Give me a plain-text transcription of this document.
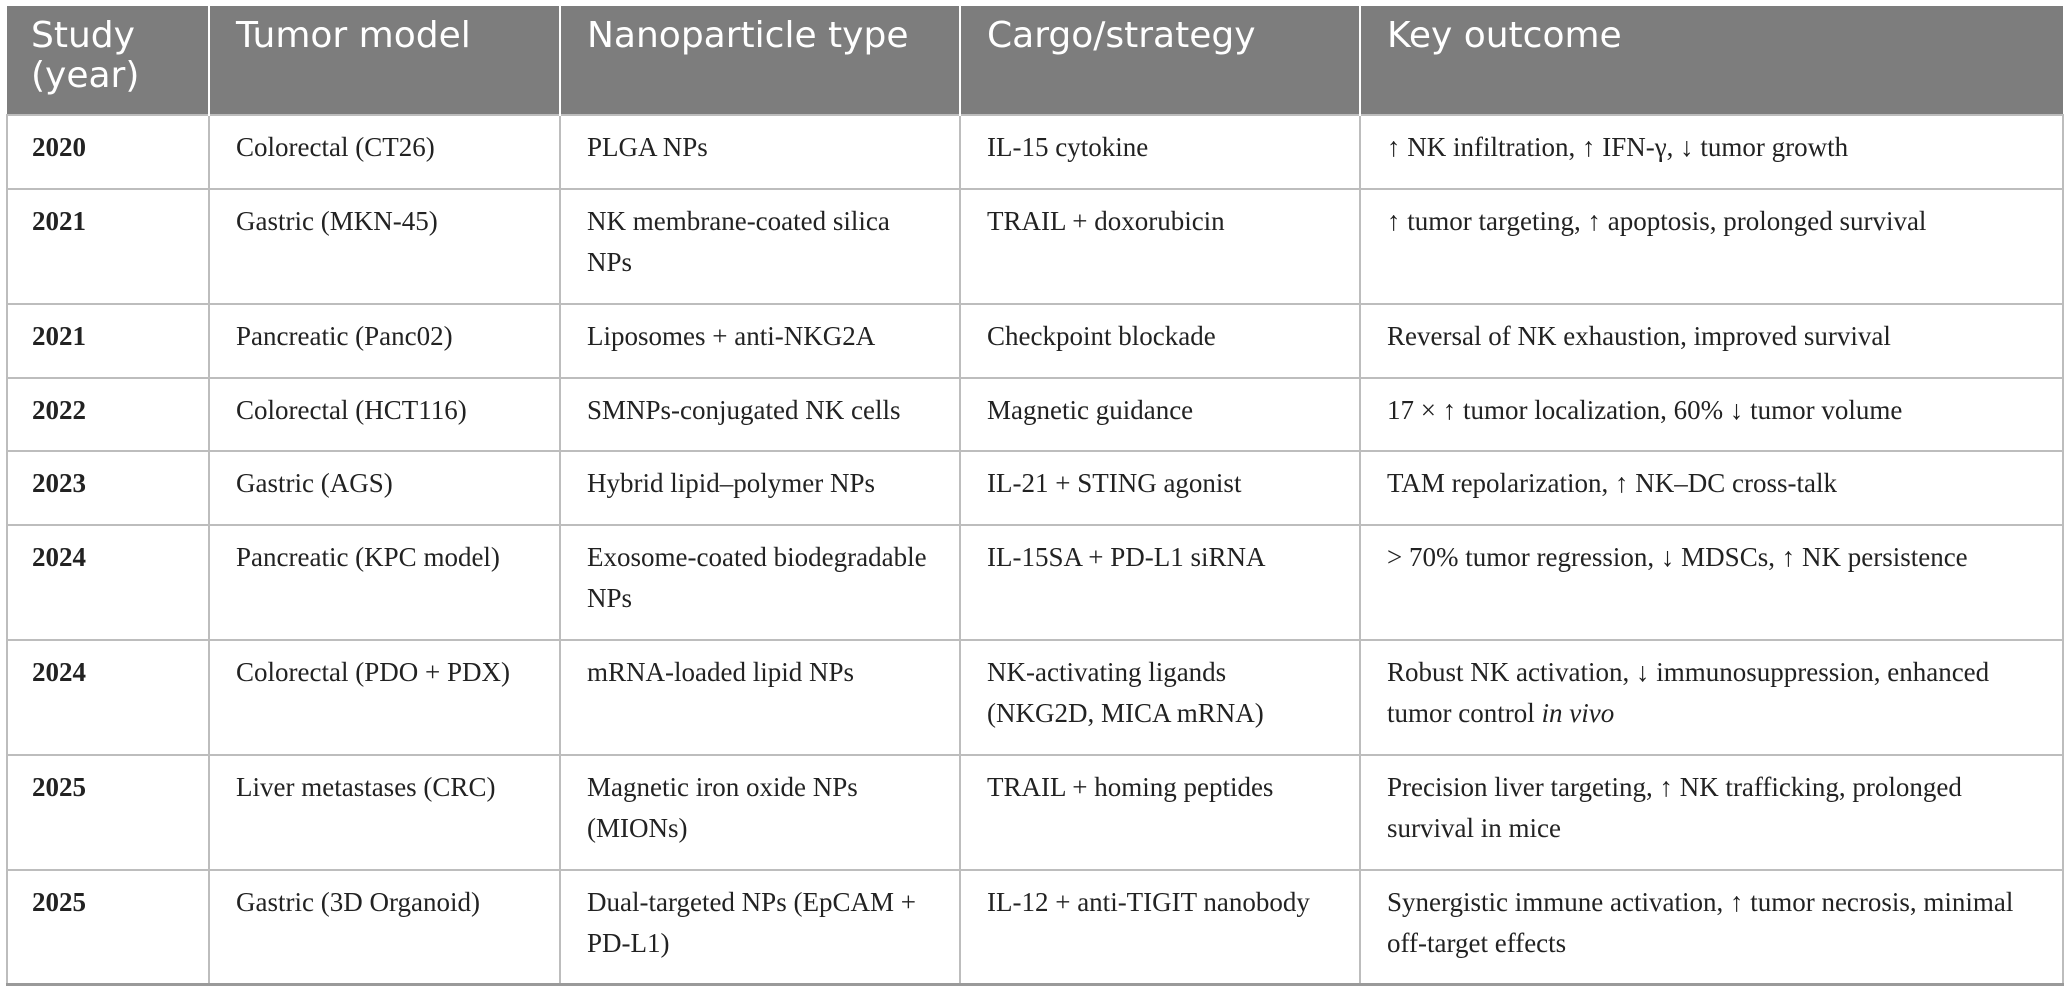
Study (year)	Tumor model	Nanoparticle type	Cargo/strategy	Key outcome
2020	Colorectal (CT26)	PLGA NPs	IL-15 cytokine	↑ NK infiltration, ↑ IFN-γ, ↓ tumor growth
2021	Gastric (MKN-45)	NK membrane-coated silica NPs	TRAIL + doxorubicin	↑ tumor targeting, ↑ apoptosis, prolonged survival
2021	Pancreatic (Panc02)	Liposomes + anti-NKG2A	Checkpoint blockade	Reversal of NK exhaustion, improved survival
2022	Colorectal (HCT116)	SMNPs-conjugated NK cells	Magnetic guidance	17 × ↑ tumor localization, 60% ↓ tumor volume
2023	Gastric (AGS)	Hybrid lipid–polymer NPs	IL-21 + STING agonist	TAM repolarization, ↑ NK–DC cross-talk
2024	Pancreatic (KPC model)	Exosome-coated biodegradable NPs	IL-15SA + PD-L1 siRNA	> 70% tumor regression, ↓ MDSCs, ↑ NK persistence
2024	Colorectal (PDO + PDX)	mRNA-loaded lipid NPs	NK-activating ligands (NKG2D, MICA mRNA)	Robust NK activation, ↓ immunosuppression, enhanced tumor control in vivo
2025	Liver metastases (CRC)	Magnetic iron oxide NPs (MIONs)	TRAIL + homing peptides	Precision liver targeting, ↑ NK trafficking, prolonged survival in mice
2025	Gastric (3D Organoid)	Dual-targeted NPs (EpCAM + PD-L1)	IL-12 + anti-TIGIT nanobody	Synergistic immune activation, ↑ tumor necrosis, minimal off-target effects
